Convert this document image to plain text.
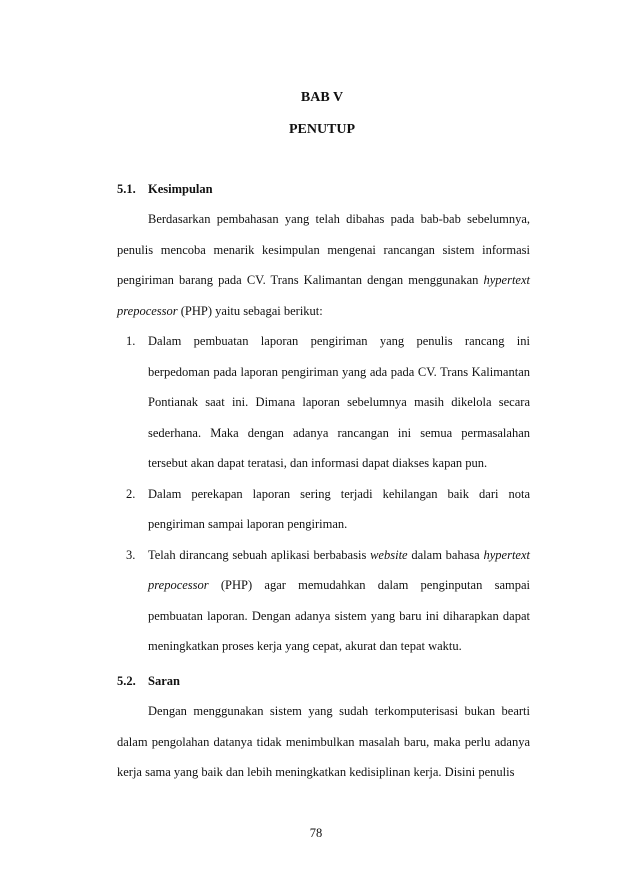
BAB V
PENUTUP
5.1. Kesimpulan

Berdasarkan pembahasan yang telah dibahas pada bab-bab sebelumnya, penulis mencoba menarik kesimpulan mengenai rancangan sistem informasi pengiriman barang pada CV. Trans Kalimantan dengan menggunakan hypertext prepocessor (PHP) yaitu sebagai berikut:

1. Dalam pembuatan laporan pengiriman yang penulis rancang ini berpedoman pada laporan pengiriman yang ada pada CV. Trans Kalimantan Pontianak saat ini. Dimana laporan sebelumnya masih dikelola secara sederhana. Maka dengan adanya rancangan ini semua permasalahan tersebut akan dapat teratasi, dan informasi dapat diakses kapan pun.
2. Dalam perekapan laporan sering terjadi kehilangan baik dari nota pengiriman sampai laporan pengiriman.
3. Telah dirancang sebuah aplikasi berbabasis website dalam bahasa hypertext prepocessor (PHP) agar memudahkan dalam penginputan sampai pembuatan laporan. Dengan adanya sistem yang baru ini diharapkan dapat meningkatkan proses kerja yang cepat, akurat dan tepat waktu.
5.2. Saran

Dengan menggunakan sistem yang sudah terkomputerisasi bukan bearti dalam pengolahan datanya tidak menimbulkan masalah baru, maka perlu adanya kerja sama yang baik dan lebih meningkatkan kedisiplinan kerja. Disini penulis

78
